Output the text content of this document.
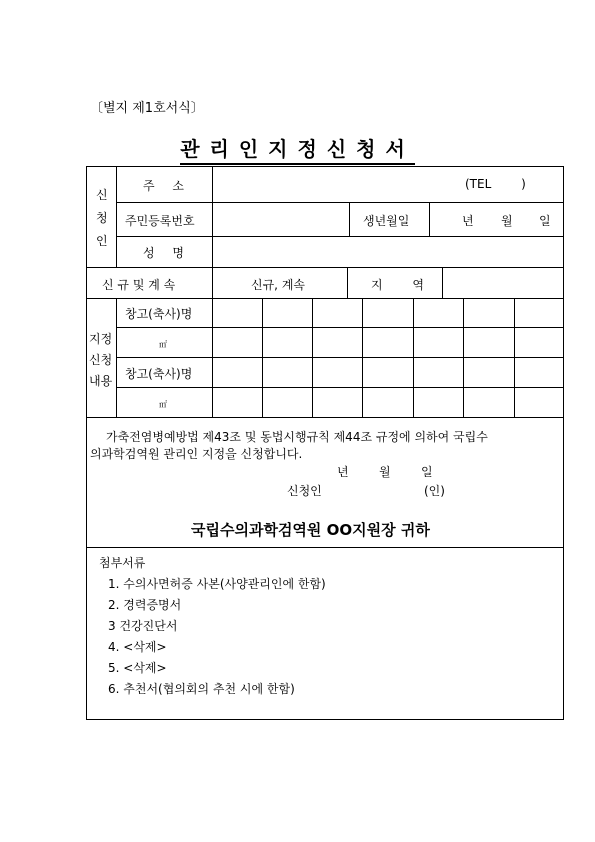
〔별지 제1호서식〕
관리인지정신청서
신
청
인
주 소	(TEL )
주민등록번호	생년월일	년 월 일
성 명
신 규 및 계 속	신규, 계속	지 역
지정
신청
내용
창고(축사)명
㎡
창고(축사)명
㎡
가축전염병예방법 제43조 및 동법시행규칙 제44조 규정에 의하여 국립수
의과학검역원 관리인 지정을 신청합니다.
년	월	일
신청인	(인)
국립수의과학검역원 OO지원장 귀하
첨부서류
1. 수의사면허증 사본(사양관리인에 한함)
2. 경력증명서
3 건강진단서
4. <삭제>
5. <삭제>
6. 추천서(협의회의 추천 시에 한함)
